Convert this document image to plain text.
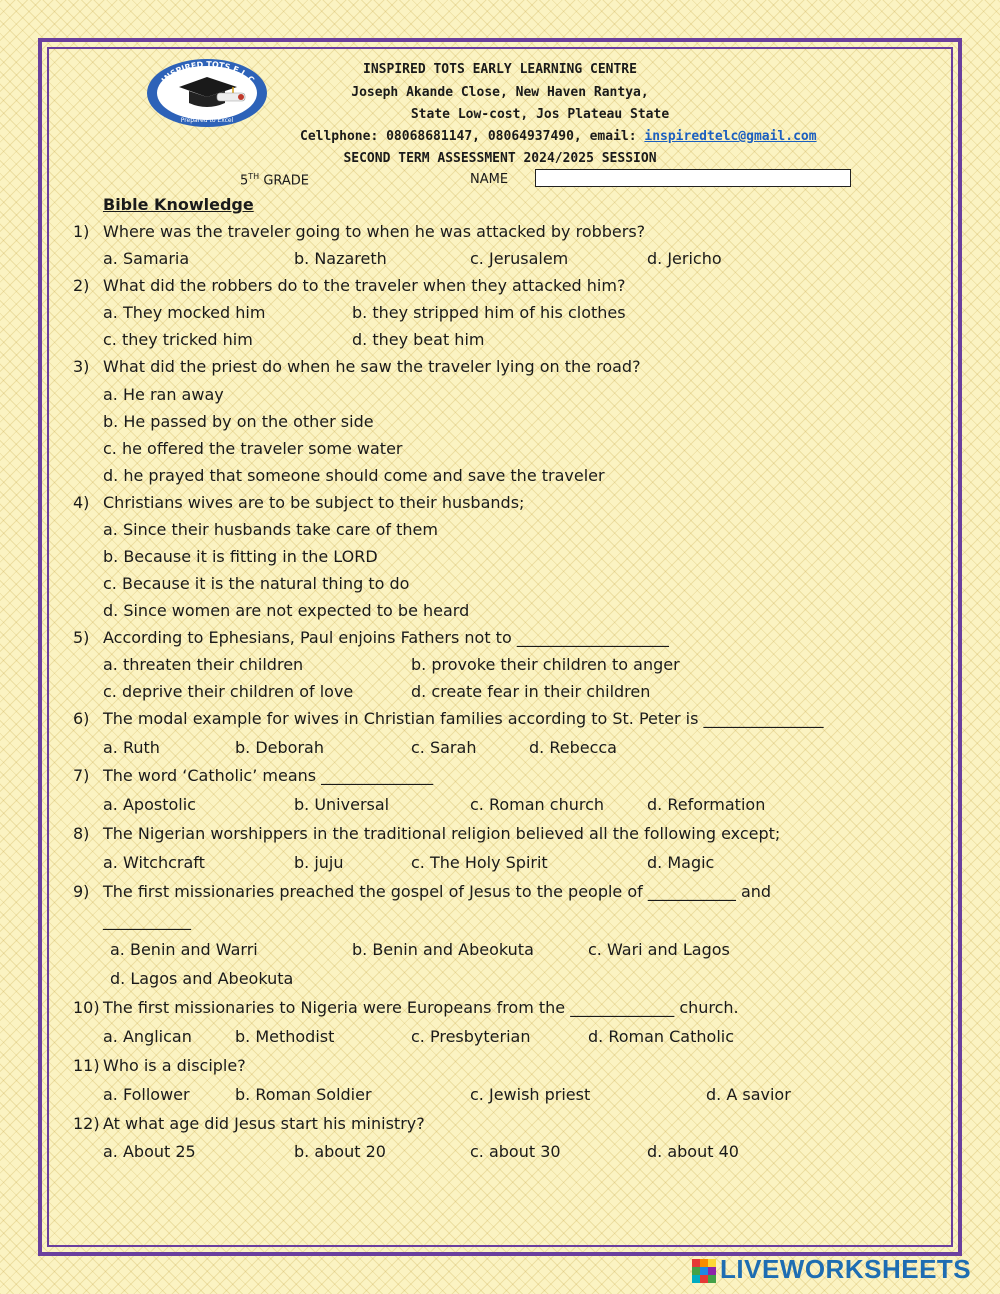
INSPIRED TOTS E.L.C
Prepared to Excel
INSPIRED TOTS EARLY LEARNING CENTRE
Joseph Akande Close, New Haven Rantya,
State Low-cost, Jos Plateau State
Cellphone: 08068681147, 08064937490, email: inspiredtelc@gmail.com
SECOND TERM ASSESSMENT 2024/2025 SESSION
5TH GRADE	NAME
Bible Knowledge
1) Where was the traveler going to when he was attacked by robbers?
a. Samaria	b. Nazareth	c. Jerusalem	d. Jericho
2) What did the robbers do to the traveler when they attacked him?
a. They mocked him	b. they stripped him of his clothes
c. they tricked him	d. they beat him
3) What did the priest do when he saw the traveler lying on the road?
a. He ran away
b. He passed by on the other side
c. he offered the traveler some water
d. he prayed that someone should come and save the traveler
4) Christians wives are to be subject to their husbands;
a. Since their husbands take care of them
b. Because it is fitting in the LORD
c. Because it is the natural thing to do
d. Since women are not expected to be heard
5) According to Ephesians, Paul enjoins Fathers not to ___________________
a. threaten their children	b. provoke their children to anger
c. deprive their children of love	d. create fear in their children
6) The modal example for wives in Christian families according to St. Peter is _______________
a. Ruth	b. Deborah	c. Sarah	d. Rebecca
7) The word ‘Catholic’ means ______________
a. Apostolic	b. Universal	c. Roman church	d. Reformation
8) The Nigerian worshippers in the traditional religion believed all the following except;
a. Witchcraft	b. juju	c. The Holy Spirit	d. Magic
9) The first missionaries preached the gospel of Jesus to the people of ___________ and
___________
a. Benin and Warri	b. Benin and Abeokuta	c. Wari and Lagos
d. Lagos and Abeokuta
10) The first missionaries to Nigeria were Europeans from the _____________ church.
a. Anglican	b. Methodist	c. Presbyterian	d. Roman Catholic
11) Who is a disciple?
a. Follower	b. Roman Soldier	c. Jewish priest	d. A savior
12) At what age did Jesus start his ministry?
a. About 25	b. about 20	c. about 30	d. about 40
LIVEWORKSHEETS
